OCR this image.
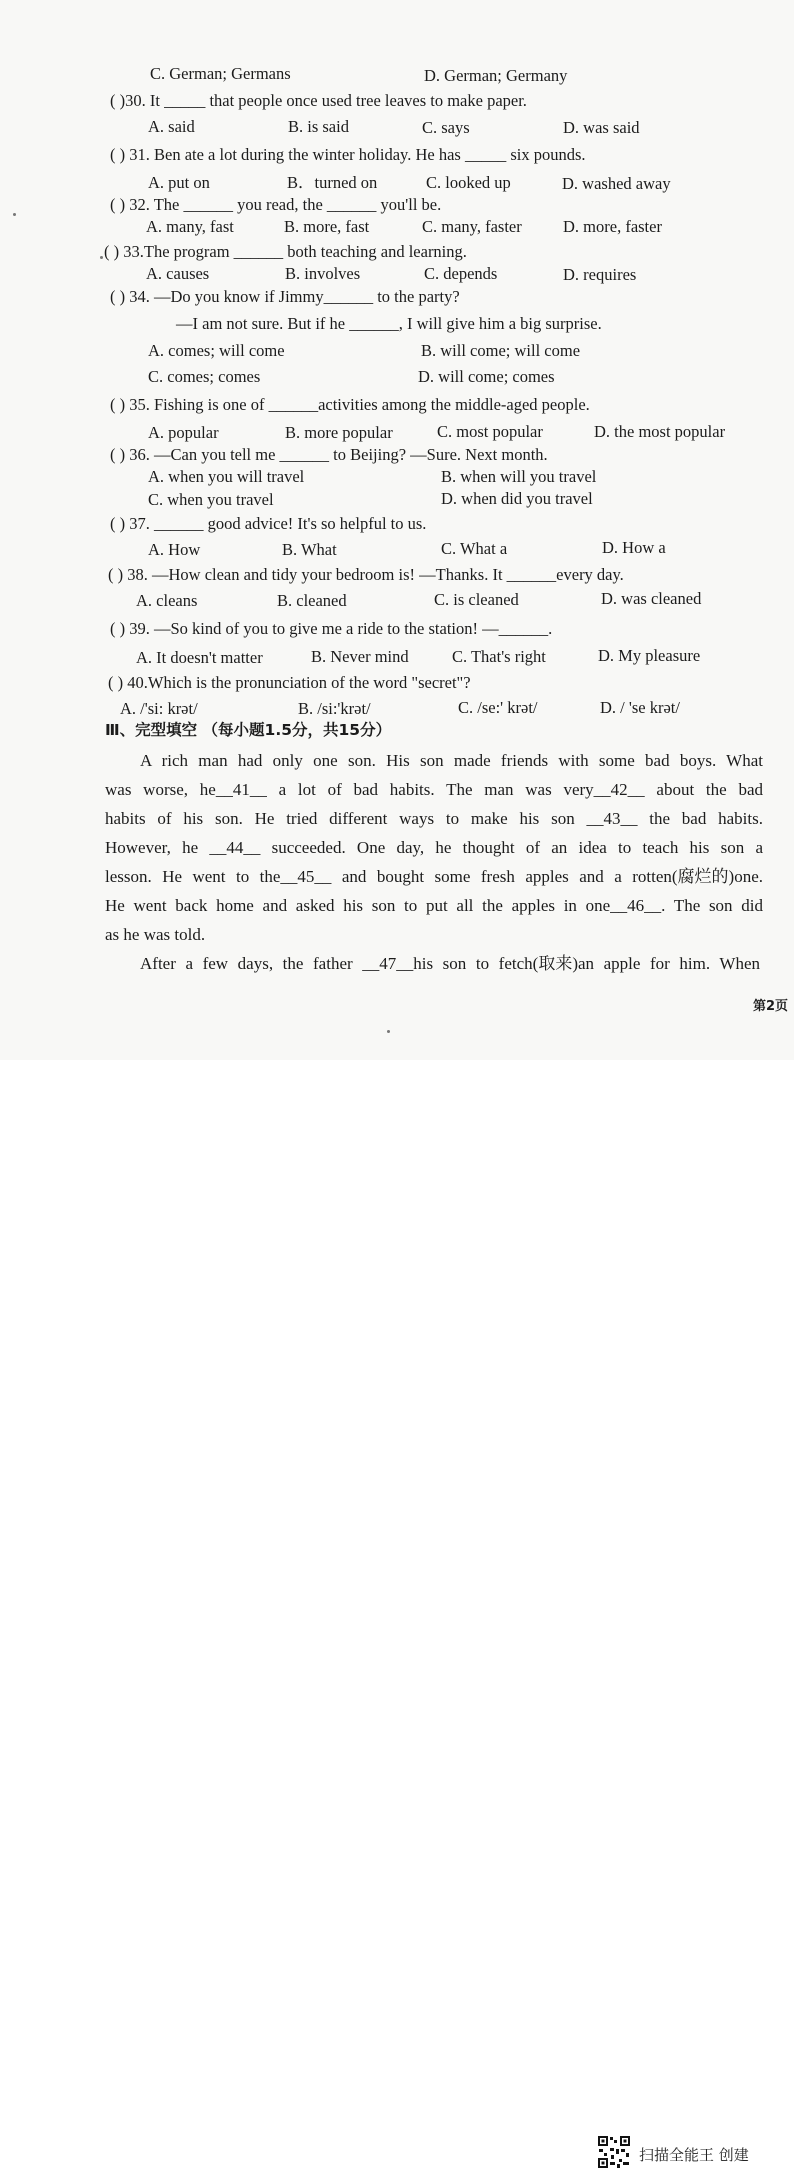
C. German; Germans	D. German; Germany
( )30. It _____ that people once used tree leaves to make paper.
A. said	B. is said	C. says	D. was said
( ) 31. Ben ate a lot during the winter holiday. He has _____ six pounds.
A. put on	B．turned on	C. looked up	D. washed away
( ) 32. The ______ you read, the ______ you'll be.
A. many, fast	B. more, fast	C. many, faster	D. more, faster
( ) 33.The program ______ both teaching and learning.
A. causes	B. involves	C. depends	D. requires
( ) 34. —Do you know if Jimmy______ to the party?
—I am not sure. But if he ______, I will give him a big surprise.
A. comes; will come	B. will come; will come
C. comes; comes	D. will come; comes
( ) 35. Fishing is one of ______activities among the middle-aged people.
A. popular	B. more popular	C. most popular	D. the most popular
( ) 36. —Can you tell me ______ to Beijing? —Sure. Next month.
A. when you will travel	B. when will you travel
C. when you travel	D. when did you travel
( ) 37. ______ good advice! It's so helpful to us.
A. How	B. What	C. What a	D. How a
( ) 38. —How clean and tidy your bedroom is! —Thanks. It ______every day.
A. cleans	B. cleaned	C. is cleaned	D. was cleaned
( ) 39. —So kind of you to give me a ride to the station! —______.
A. It doesn't matter	B. Never mind	C. That's right	D. My pleasure
( ) 40.Which is the pronunciation of the word "secret"?
A. /'si: krət/	B. /si:'krət/	C. /se:' krət/	D. / 'se krət/
Ⅲ、完型填空 （每小题1.5分，共15分）
A rich man had only one son. His son made friends with some bad boys. What
was worse, he__41__ a lot of bad habits. The man was very__42__ about the bad
habits of his son. He tried different ways to make his son __43__ the bad habits.
However, he __44__ succeeded. One day, he thought of an idea to teach his son a
lesson. He went to the__45__ and bought some fresh apples and a rotten(腐烂的)one.
He went back home and asked his son to put all the apples in one__46__. The son did
as he was told.
After a few days, the father __47__his son to fetch(取来)an apple for him. When
第2页
扫描全能王 创建
